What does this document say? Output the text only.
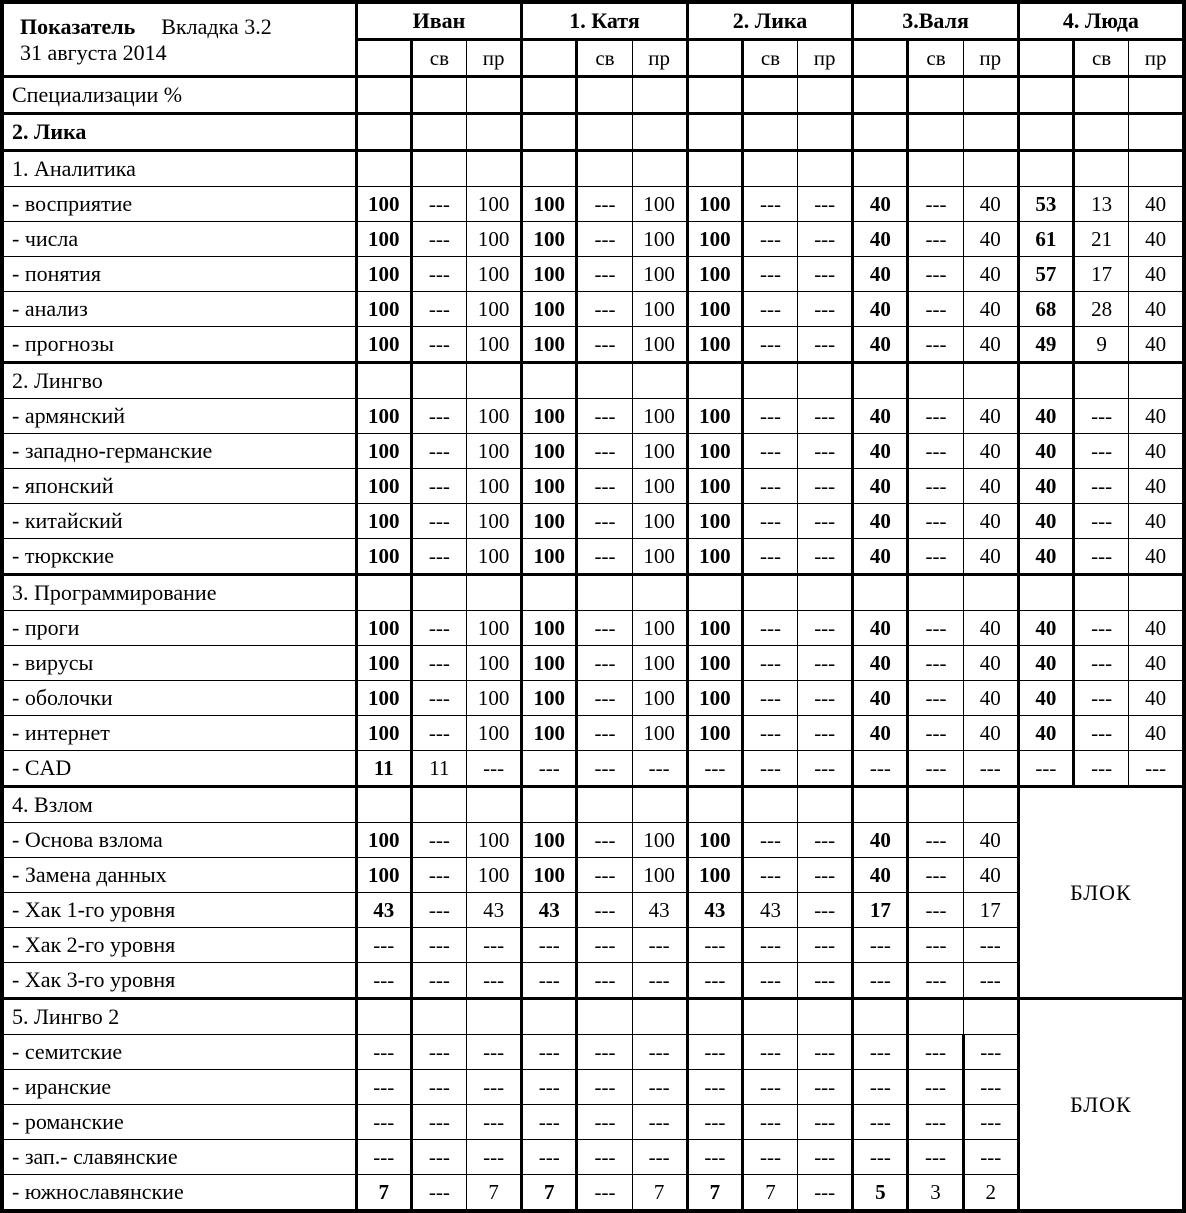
Показатель Вкладка 3.2
31 августа 2014	Иван			1. Катя			2. Лика			3.Валя			4. Люда		
		св	пр		св	пр		св	пр		св	пр		св	пр
Специализации %															
2. Лика															
1. Аналитика															
- восприятие	100	---	100	100	---	100	100	---	---	40	---	40	53	13	40
- числа	100	---	100	100	---	100	100	---	---	40	---	40	61	21	40
- понятия	100	---	100	100	---	100	100	---	---	40	---	40	57	17	40
- анализ	100	---	100	100	---	100	100	---	---	40	---	40	68	28	40
- прогнозы	100	---	100	100	---	100	100	---	---	40	---	40	49	9	40
2. Лингво															
- армянский	100	---	100	100	---	100	100	---	---	40	---	40	40	---	40
- западно-германские	100	---	100	100	---	100	100	---	---	40	---	40	40	---	40
- японский	100	---	100	100	---	100	100	---	---	40	---	40	40	---	40
- китайский	100	---	100	100	---	100	100	---	---	40	---	40	40	---	40
- тюркские	100	---	100	100	---	100	100	---	---	40	---	40	40	---	40
3. Программирование															
- проги	100	---	100	100	---	100	100	---	---	40	---	40	40	---	40
- вирусы	100	---	100	100	---	100	100	---	---	40	---	40	40	---	40
- оболочки	100	---	100	100	---	100	100	---	---	40	---	40	40	---	40
- интернет	100	---	100	100	---	100	100	---	---	40	---	40	40	---	40
- CAD	11	11	---	---	---	---	---	---	---	---	---	---	---	---	---
4. Взлом													БЛОК		
- Основа взлома	100	---	100	100	---	100	100	---	---	40	---	40			
- Замена данных	100	---	100	100	---	100	100	---	---	40	---	40			
- Хак 1-го уровня	43	---	43	43	---	43	43	43	---	17	---	17			
- Хак 2-го уровня	---	---	---	---	---	---	---	---	---	---	---	---			
- Хак 3-го уровня	---	---	---	---	---	---	---	---	---	---	---	---			
5. Лингво 2													БЛОК		
- семитские	---	---	---	---	---	---	---	---	---	---	---	---			
- иранские	---	---	---	---	---	---	---	---	---	---	---	---			
- романские	---	---	---	---	---	---	---	---	---	---	---	---			
- зап.- славянские	---	---	---	---	---	---	---	---	---	---	---	---			
- южнославянские	7	---	7	7	---	7	7	7	---	5	3	2			
